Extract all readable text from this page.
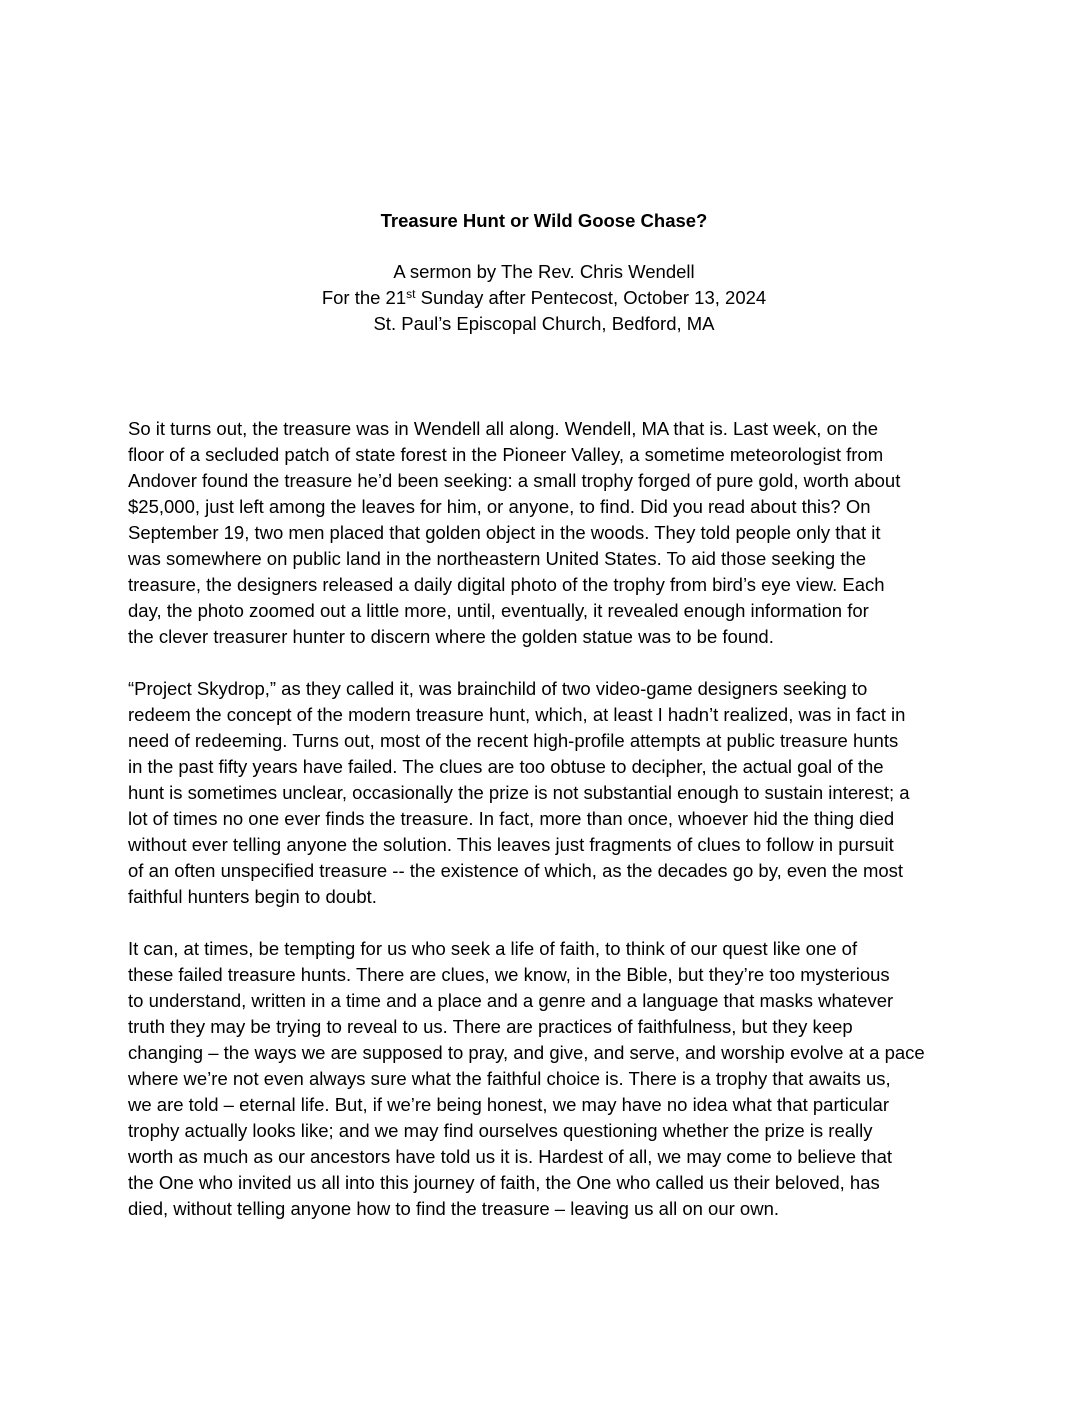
Treasure Hunt or Wild Goose Chase?
A sermon by The Rev. Chris Wendell
For the 21st Sunday after Pentecost, October 13, 2024
St. Paul’s Episcopal Church, Bedford, MA
So it turns out, the treasure was in Wendell all along. Wendell, MA that is. Last week, on the
floor of a secluded patch of state forest in the Pioneer Valley, a sometime meteorologist from
Andover found the treasure he’d been seeking: a small trophy forged of pure gold, worth about
$25,000, just left among the leaves for him, or anyone, to find. Did you read about this? On
September 19, two men placed that golden object in the woods. They told people only that it
was somewhere on public land in the northeastern United States. To aid those seeking the
treasure, the designers released a daily digital photo of the trophy from bird’s eye view. Each
day, the photo zoomed out a little more, until, eventually, it revealed enough information for
the clever treasurer hunter to discern where the golden statue was to be found.
“Project Skydrop,” as they called it, was brainchild of two video-game designers seeking to
redeem the concept of the modern treasure hunt, which, at least I hadn’t realized, was in fact in
need of redeeming. Turns out, most of the recent high-profile attempts at public treasure hunts
in the past fifty years have failed. The clues are too obtuse to decipher, the actual goal of the
hunt is sometimes unclear, occasionally the prize is not substantial enough to sustain interest; a
lot of times no one ever finds the treasure. In fact, more than once, whoever hid the thing died
without ever telling anyone the solution. This leaves just fragments of clues to follow in pursuit
of an often unspecified treasure -- the existence of which, as the decades go by, even the most
faithful hunters begin to doubt.
It can, at times, be tempting for us who seek a life of faith, to think of our quest like one of
these failed treasure hunts. There are clues, we know, in the Bible, but they’re too mysterious
to understand, written in a time and a place and a genre and a language that masks whatever
truth they may be trying to reveal to us. There are practices of faithfulness, but they keep
changing – the ways we are supposed to pray, and give, and serve, and worship evolve at a pace
where we’re not even always sure what the faithful choice is. There is a trophy that awaits us,
we are told – eternal life. But, if we’re being honest, we may have no idea what that particular
trophy actually looks like; and we may find ourselves questioning whether the prize is really
worth as much as our ancestors have told us it is. Hardest of all, we may come to believe that
the One who invited us all into this journey of faith, the One who called us their beloved, has
died, without telling anyone how to find the treasure – leaving us all on our own.
